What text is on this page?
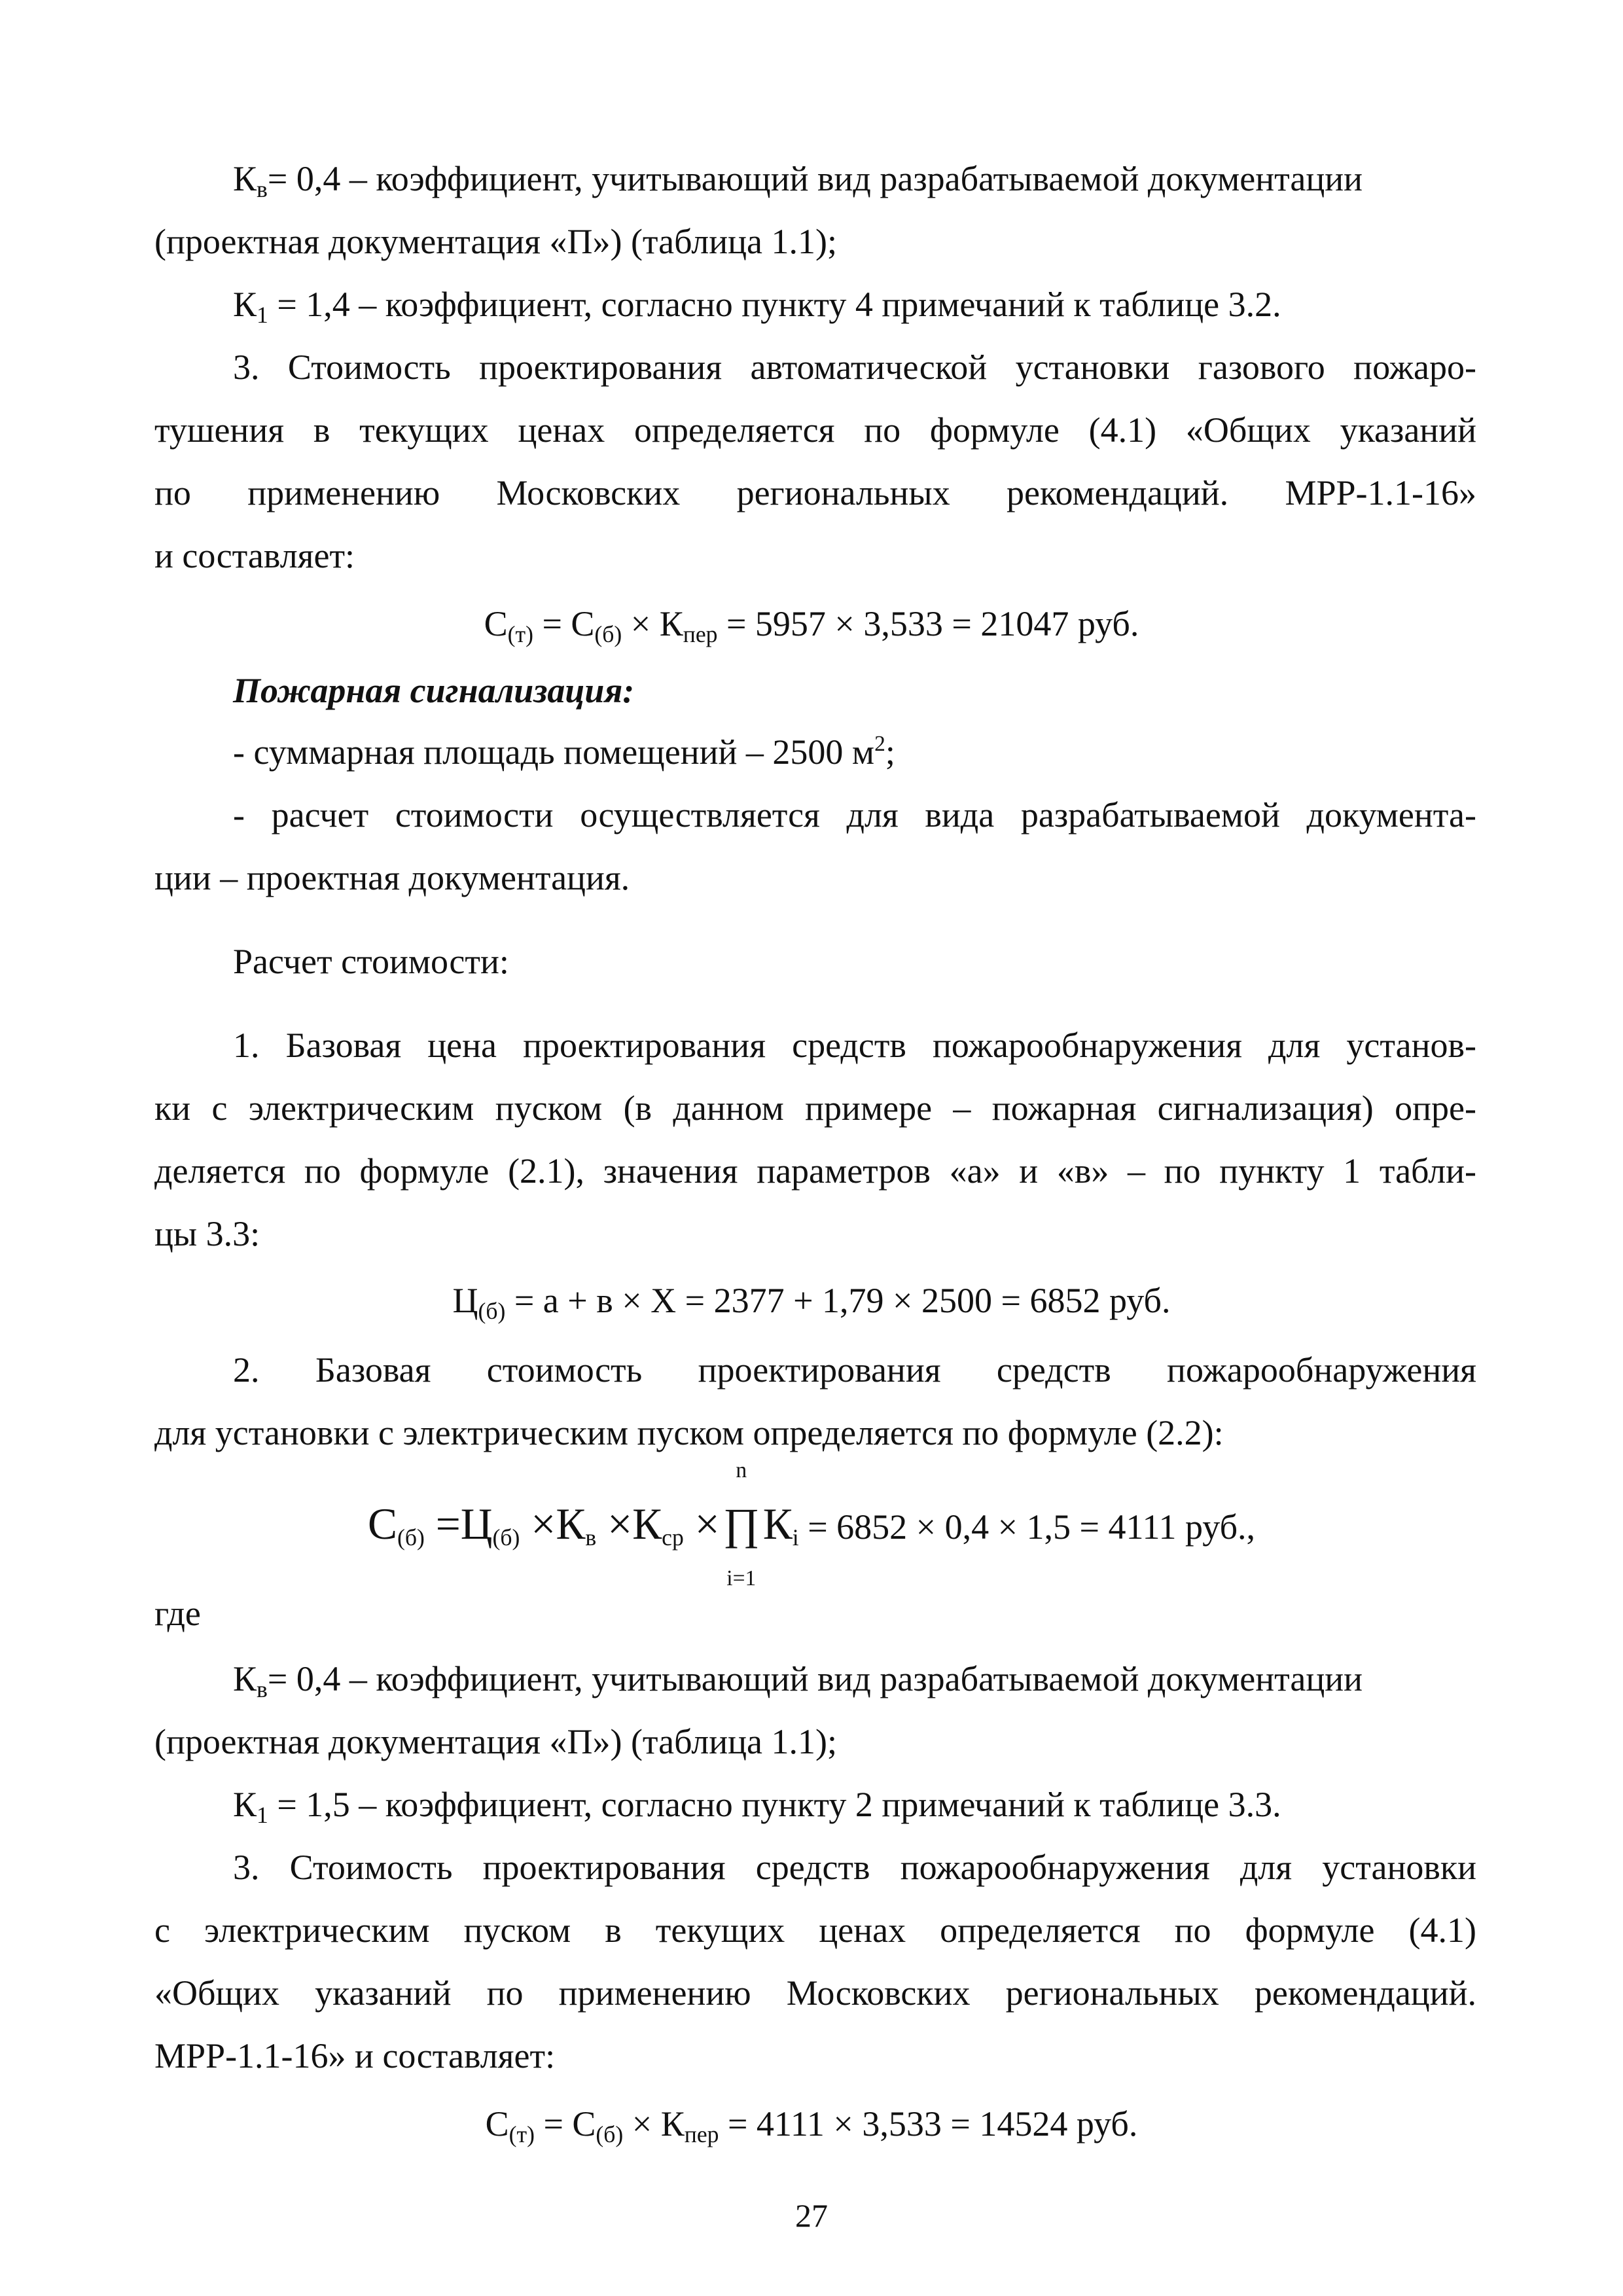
$К_в= 0,4$ – коэффициент, учитывающий вид разрабатываемой документации
(проектная документация «П») (таблица 1.1);
$К_1 = 1,4$ – коэффициент, согласно пункту 4 примечаний к таблице 3.2.
3. Стоимость проектирования автоматической установки газового пожаро-
тушения в текущих ценах определяется по формуле (4.1) «Общих указаний
по применению Московских региональных рекомендаций. МРР-1.1-16»
и составляет:
$С_{(т)} = С_{(б)} \times К_{пер} = 5957 \times 3,533 = 21047$ руб.
Пожарная сигнализация:
- суммарная площадь помещений – 2500 $м^2$;
- расчет стоимости осуществляется для вида разрабатываемой документа-
ции – проектная документация.
Расчет стоимости:
1. Базовая цена проектирования средств пожарообнаружения для установ-
ки с электрическим пуском (в данном примере – пожарная сигнализация) опре-
деляется по формуле (2.1), значения параметров «а» и «в» – по пункту 1 табли-
цы 3.3:
$Ц_{(б)} = а + в \times Х = 2377 + 1,79 \times 2500 = 6852$ руб.
2. Базовая стоимость проектирования средств пожарообнаружения
для установки с электрическим пуском определяется по формуле (2.2):
$С_{(б)} =Ц_{(б)} \times К_в \times К_{ср}$ ×
n
∏
i=1
$К_i = 6852 \times 0,4 \times 1,5 = 4111$ руб.,
где
$К_в= 0,4$ – коэффициент, учитывающий вид разрабатываемой документации
(проектная документация «П») (таблица 1.1);
$К_1 = 1,5$ – коэффициент, согласно пункту 2 примечаний к таблице 3.3.
3. Стоимость проектирования средств пожарообнаружения для установки
с электрическим пуском в текущих ценах определяется по формуле (4.1)
«Общих указаний по применению Московских региональных рекомендаций.
МРР-1.1-16» и составляет:
$С_{(т)} = С_{(б)} \times К_{пер} = 4111 \times 3,533 = 14524$ руб.
27
